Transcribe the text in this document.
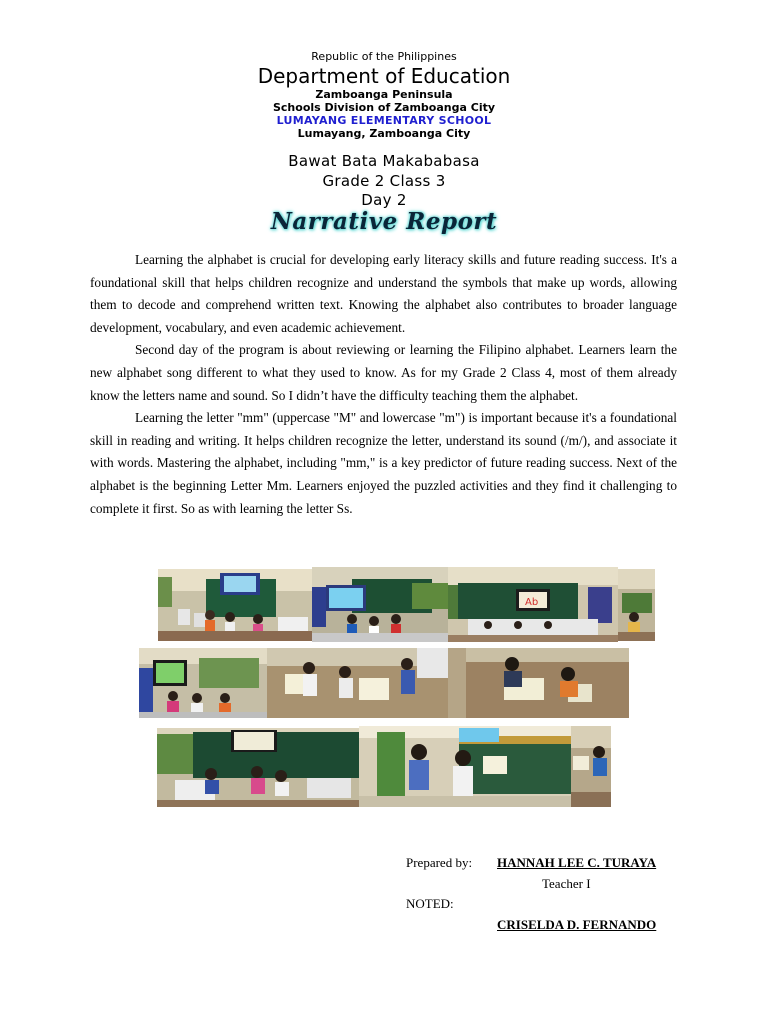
Republic of the Philippines
Department of Education
Zamboanga Peninsula
Schools Division of Zamboanga City
LUMAYANG ELEMENTARY SCHOOL
Lumayang, Zamboanga City
Bawat Bata Makababasa
Grade 2 Class 3
Day 2
Narrative Report

Learning the alphabet is crucial for developing early literacy skills and future reading success. It's a foundational skill that helps children recognize and understand the symbols that make up words, allowing them to decode and comprehend written text. Knowing the alphabet also contributes to broader language development, vocabulary, and even academic achievement.

Second day of the program is about reviewing or learning the Filipino alphabet. Learners learn the new alphabet song different to what they used to know. As for my Grade 2 Class 4, most of them already know the letters name and sound. So I didn’t have the difficulty teaching them the alphabet.

Learning the letter "mm" (uppercase "M" and lowercase "m") is important because it's a foundational skill in reading and writing. It helps children recognize the letter, understand its sound (/m/), and associate it with words. Mastering the alphabet, including "mm," is a key predictor of future reading success. Next of the alphabet is the beginning Letter Mm. Learners enjoyed the puzzled activities and they find it challenging to complete it first. So as with learning the letter Ss.

Ab
Prepared by: HANNAH LEE C. TURAYA
Teacher I
NOTED:
CRISELDA D. FERNANDO
